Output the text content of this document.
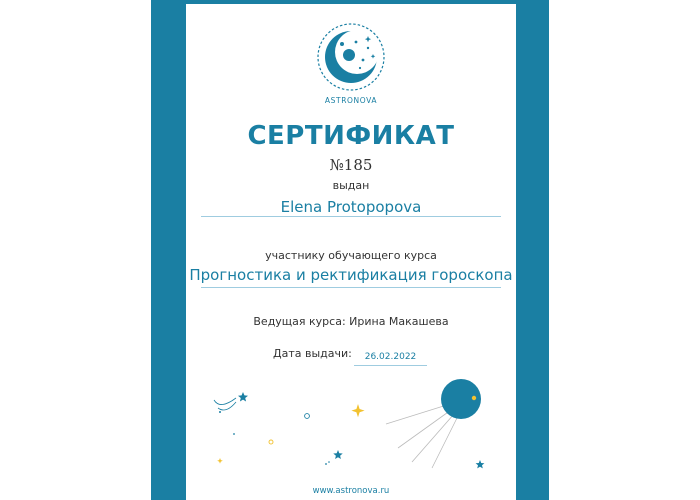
ASTRONOVA
СЕРТИФИКАТ
№185
выдан
Elena Protopopova
участнику обучающего курса
Прогностика и ректификация гороскопа
Ведущая курса: Ирина Макашева
Дата выдачи:	26.02.2022
www.astronova.ru
